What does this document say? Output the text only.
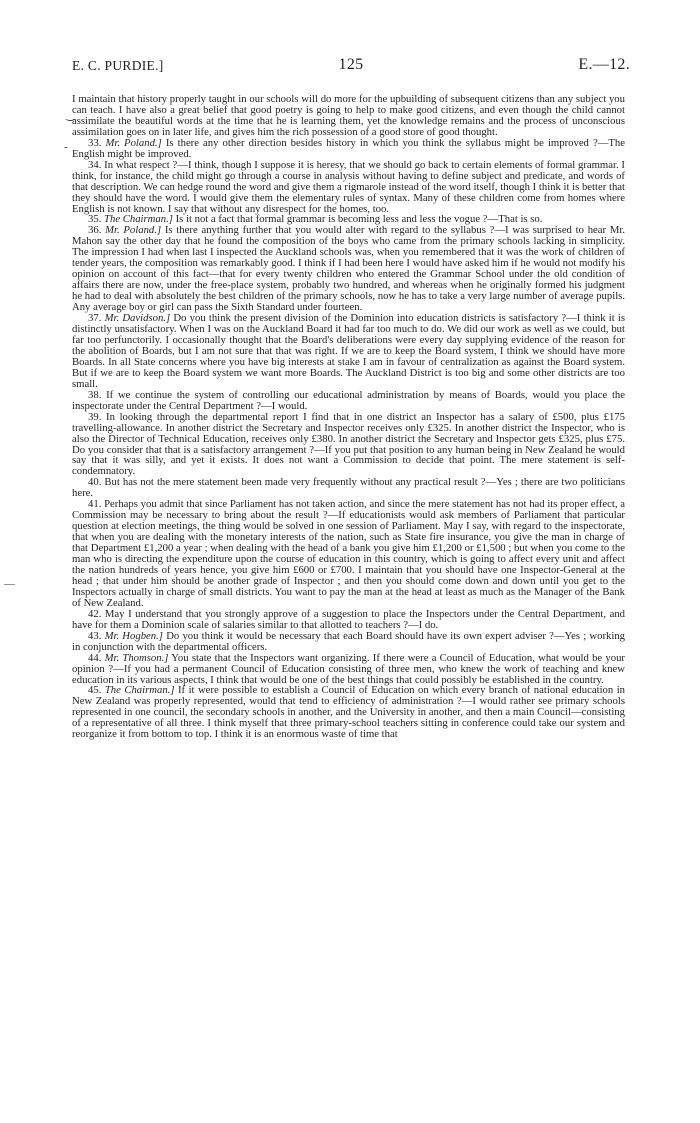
E. C. PURDIE.]	125	E.—12.
‿
-
—

I maintain that history properly taught in our schools will do more for the upbuilding of subsequent citizens than any subject you can teach. I have also a great belief that good poetry is going to help to make good citizens, and even though the child cannot assimilate the beautiful words at the time that he is learning them, yet the knowledge remains and the process of unconscious assimilation goes on in later life, and gives him the rich possession of a good store of good thought.

33. Mr. Poland.] Is there any other direction besides history in which you think the syllabus might be improved ?—The English might be improved.

34. In what respect ?—I think, though I suppose it is heresy, that we should go back to certain elements of formal grammar. I think, for instance, the child might go through a course in analysis without having to define subject and predicate, and words of that description. We can hedge round the word and give them a rigmarole instead of the word itself, though I think it is better that they should have the word. I would give them the elementary rules of syntax. Many of these children come from homes where English is not known. I say that without any disrespect for the homes, too.

35. The Chairman.] Is it not a fact that formal grammar is becoming less and less the vogue ?—That is so.

36. Mr. Poland.] Is there anything further that you would alter with regard to the syllabus ?—I was surprised to hear Mr. Mahon say the other day that he found the composition of the boys who came from the primary schools lacking in simplicity. The impression I had when last I inspected the Auckland schools was, when you remembered that it was the work of children of tender years, the composition was remarkably good. I think if I had been here I would have asked him if he would not modify his opinion on account of this fact—that for every twenty children who entered the Grammar School under the old condition of affairs there are now, under the free-place system, probably two hundred, and whereas when he originally formed his judgment he had to deal with absolutely the best children of the primary schools, now he has to take a very large number of average pupils. Any average boy or girl can pass the Sixth Standard under fourteen.

37. Mr. Davidson.] Do you think the present division of the Dominion into education districts is satisfactory ?—I think it is distinctly unsatisfactory. When I was on the Auckland Board it had far too much to do. We did our work as well as we could, but far too perfunctorily. I occasionally thought that the Board's deliberations were every day supplying evidence of the reason for the abolition of Boards, but I am not sure that that was right. If we are to keep the Board system, I think we should have more Boards. In all State concerns where you have big interests at stake I am in favour of centralization as against the Board system. But if we are to keep the Board system we want more Boards. The Auckland District is too big and some other districts are too small.

38. If we continue the system of controlling our educational administration by means of Boards, would you place the inspectorate under the Central Department ?—I would.

39. In looking through the departmental report I find that in one district an Inspector has a salary of £500, plus £175 travelling-allowance. In another district the Secretary and Inspector receives only £325. In another district the Inspector, who is also the Director of Technical Education, receives only £380. In another district the Secretary and Inspector gets £325, plus £75. Do you consider that that is a satisfactory arrangement ?—If you put that position to any human being in New Zealand he would say that it was silly, and yet it exists. It does not want a Commission to decide that point. The mere statement is self-condemnatory.

40. But has not the mere statement been made very frequently without any practical result ?—Yes ; there are two politicians here.

41. Perhaps you admit that since Parliament has not taken action, and since the mere statement has not had its proper effect, a Commission may be necessary to bring about the result ?—If educationists would ask members of Parliament that particular question at election meetings, the thing would be solved in one session of Parliament. May I say, with regard to the inspectorate, that when you are dealing with the monetary interests of the nation, such as State fire insurance, you give the man in charge of that Department £1,200 a year ; when dealing with the head of a bank you give him £1,200 or £1,500 ; but when you come to the man who is directing the expenditure upon the course of education in this country, which is going to affect every unit and affect the nation hundreds of years hence, you give him £600 or £700. I maintain that you should have one Inspector-General at the head ; that under him should be another grade of Inspector ; and then you should come down and down until you get to the Inspectors actually in charge of small districts. You want to pay the man at the head at least as much as the Manager of the Bank of New Zealand.

42. May I understand that you strongly approve of a suggestion to place the Inspectors under the Central Department, and have for them a Dominion scale of salaries similar to that allotted to teachers ?—I do.

43. Mr. Hogben.] Do you think it would be necessary that each Board should have its own expert adviser ?—Yes ; working in conjunction with the departmental officers.

44. Mr. Thomson.] You state that the Inspectors want organizing. If there were a Council of Education, what would be your opinion ?—If you had a permanent Council of Education consisting of three men, who knew the work of teaching and knew education in its various aspects, I think that would be one of the best things that could possibly be established in the country.

45. The Chairman.] If it were possible to establish a Council of Education on which every branch of national education in New Zealand was properly represented, would that tend to efficiency of administration ?—I would rather see primary schools represented in one council, the secondary schools in another, and the University in another, and then a main Council—consisting of a representative of all three. I think myself that three primary-school teachers sitting in conference could take our system and reorganize it from bottom to top. I think it is an enormous waste of time that
